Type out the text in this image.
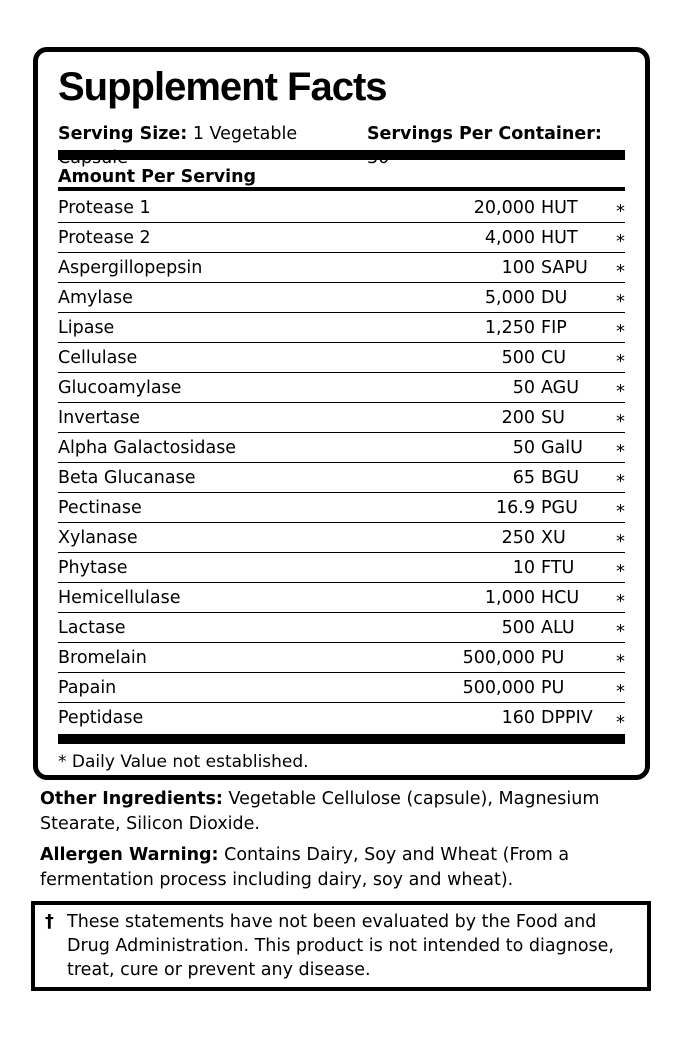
Supplement Facts
Serving Size: 1 Vegetable Capsule
Servings Per Container: 30
Amount Per Serving
Protease 1	20,000 HUT	*
Protease 2	4,000 HUT	*
Aspergillopepsin	100 SAPU	*
Amylase	5,000 DU	*
Lipase	1,250 FIP	*
Cellulase	500 CU	*
Glucoamylase	50 AGU	*
Invertase	200 SU	*
Alpha Galactosidase	50 GalU	*
Beta Glucanase	65 BGU	*
Pectinase	16.9 PGU	*
Xylanase	250 XU	*
Phytase	10 FTU	*
Hemicellulase	1,000 HCU	*
Lactase	500 ALU	*
Bromelain	500,000 PU	*
Papain	500,000 PU	*
Peptidase	160 DPPIV	*
* Daily Value not established.
Other Ingredients: Vegetable Cellulose (capsule), Magnesium Stearate, Silicon Dioxide.
Allergen Warning: Contains Dairy, Soy and Wheat (From a fermentation process including dairy, soy and wheat).
† These statements have not been evaluated by the Food and Drug Administration. This product is not intended to diagnose, treat, cure or prevent any disease.
